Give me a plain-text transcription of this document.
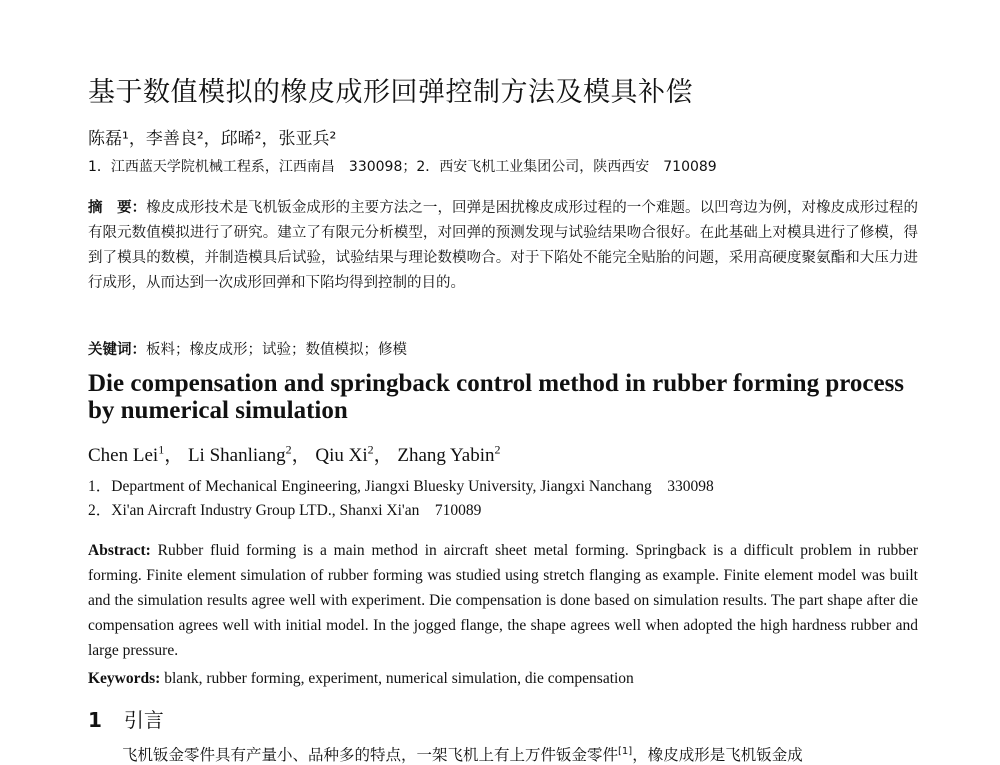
基于数值模拟的橡皮成形回弹控制方法及模具补偿
陈磊¹，李善良²，邱晞²，张亚兵²
1．江西蓝天学院机械工程系，江西南昌　330098；2．西安飞机工业集团公司，陕西西安　710089
摘　要：橡皮成形技术是飞机钣金成形的主要方法之一，回弹是困扰橡皮成形过程的一个难题。以凹弯边为例，对橡皮成形过程的有限元数值模拟进行了研究。建立了有限元分析模型，对回弹的预测发现与试验结果吻合很好。在此基础上对模具进行了修模，得到了模具的数模，并制造模具后试验，试验结果与理论数模吻合。对于下陷处不能完全贴胎的问题，采用高硬度聚氨酯和大压力进行成形，从而达到一次成形回弹和下陷均得到控制的目的。
关键词：板料；橡皮成形；试验；数值模拟；修模
Die compensation and springback control method in rubber forming process by numerical simulation
Chen Lei$^1$， Li Shanliang$^2$， Qiu Xi$^2$， Zhang Yabin$^2$
1．Department of Mechanical Engineering, Jiangxi Bluesky University, Jiangxi Nanchang　330098
2．Xi'an Aircraft Industry Group LTD., Shanxi Xi'an　710089
Abstract: Rubber fluid forming is a main method in aircraft sheet metal forming. Springback is a difficult problem in rubber forming. Finite element simulation of rubber forming was studied using stretch flanging as example. Finite element model was built and the simulation results agree well with experiment. Die compensation is done based on simulation results. The part shape after die compensation agrees well with initial model. In the jogged flange, the shape agrees well when adopted the high hardness rubber and large pressure.
Keywords: blank, rubber forming, experiment, numerical simulation, die compensation
1 引言
飞机钣金零件具有产量小、品种多的特点，一架飞机上有上万件钣金零件[1]，橡皮成形是飞机钣金成
